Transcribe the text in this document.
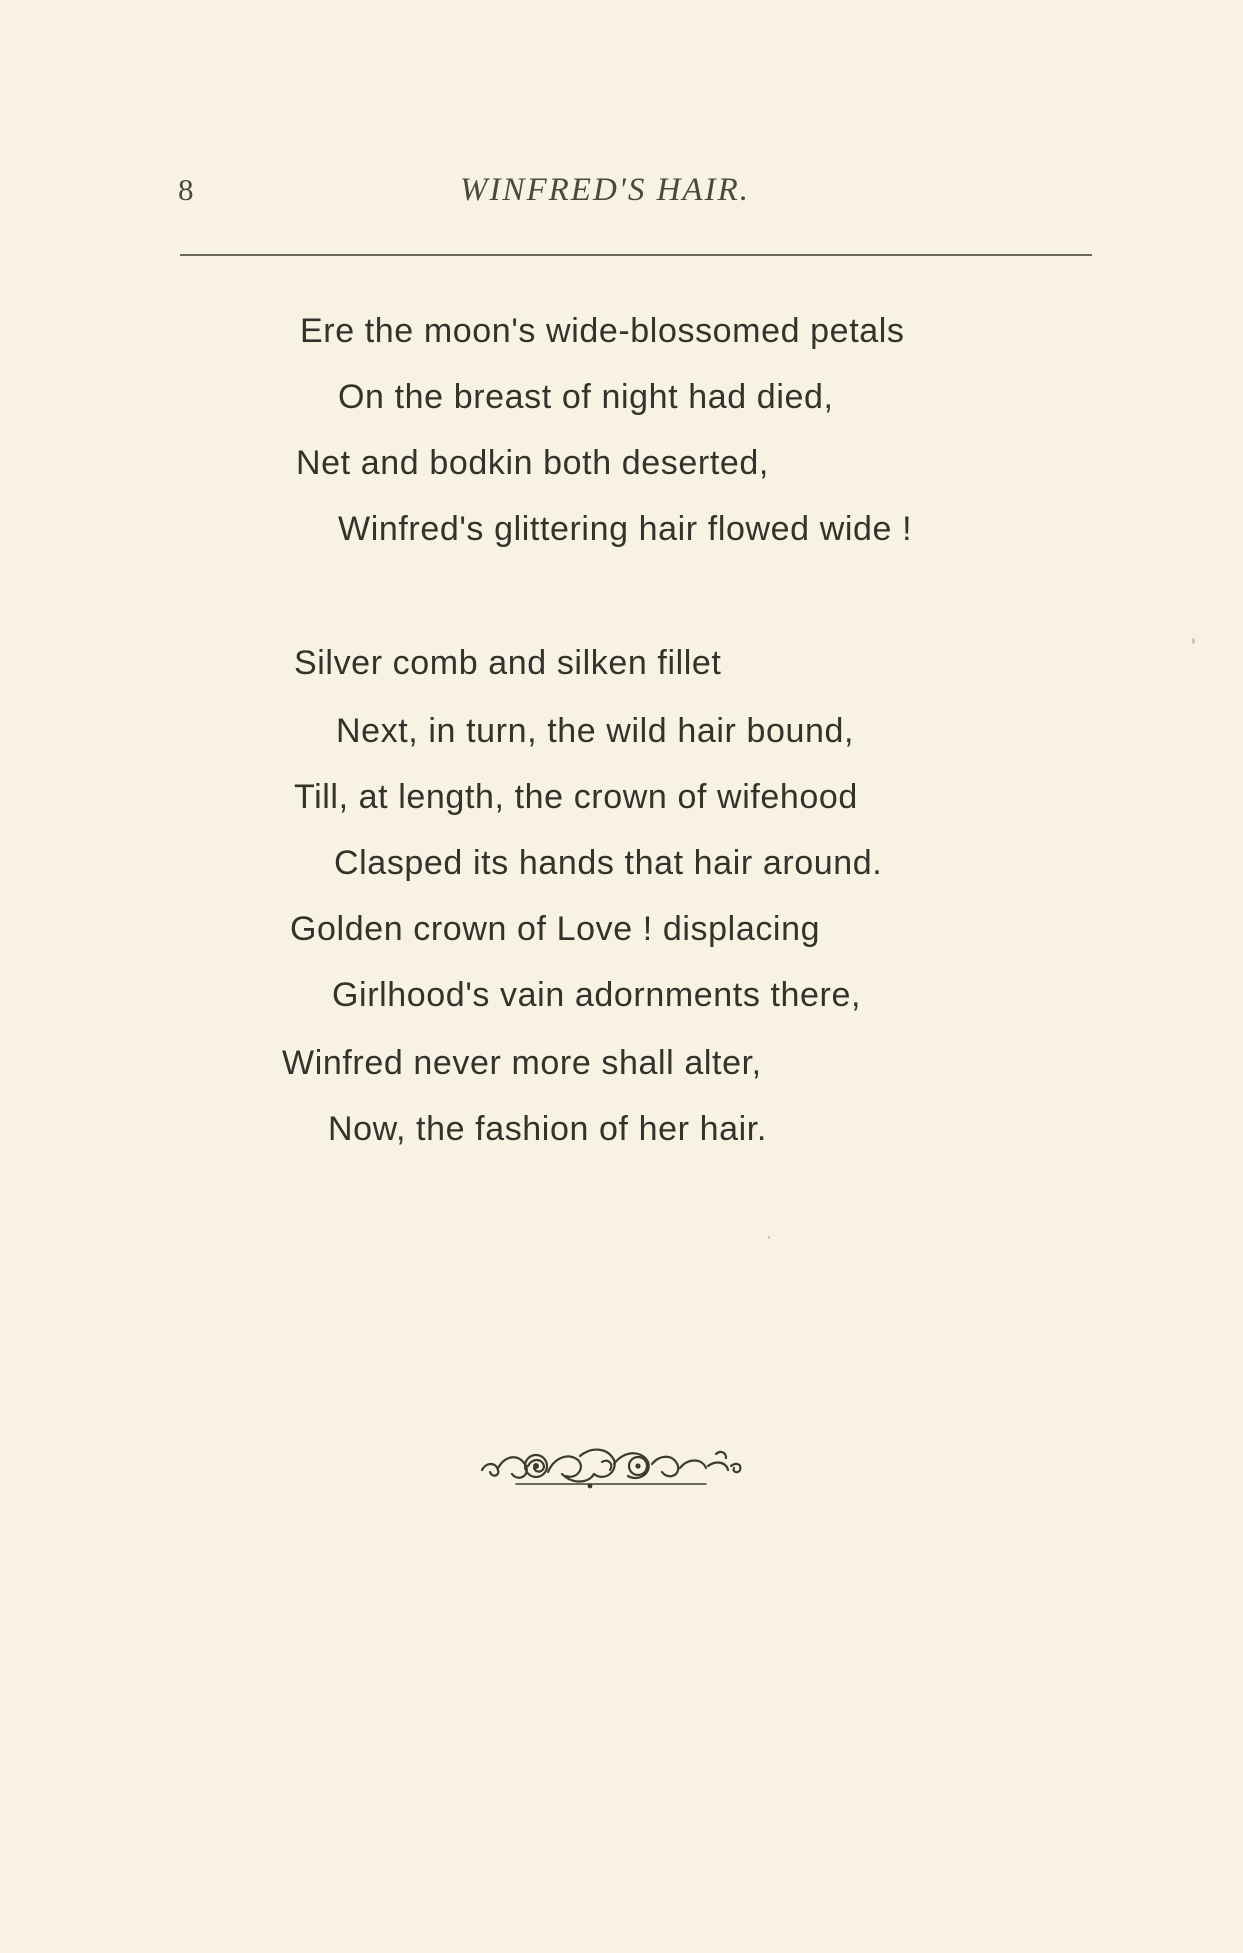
8	WINFRED'S HAIR.
Ere the moon's wide-blossomed petals
On the breast of night had died,
Net and bodkin both deserted,
Winfred's glittering hair flowed wide !
Silver comb and silken fillet
Next, in turn, the wild hair bound,
Till, at length, the crown of wifehood
Clasped its hands that hair around.
Golden crown of Love ! displacing
Girlhood's vain adornments there,
Winfred never more shall alter,
Now, the fashion of her hair.
